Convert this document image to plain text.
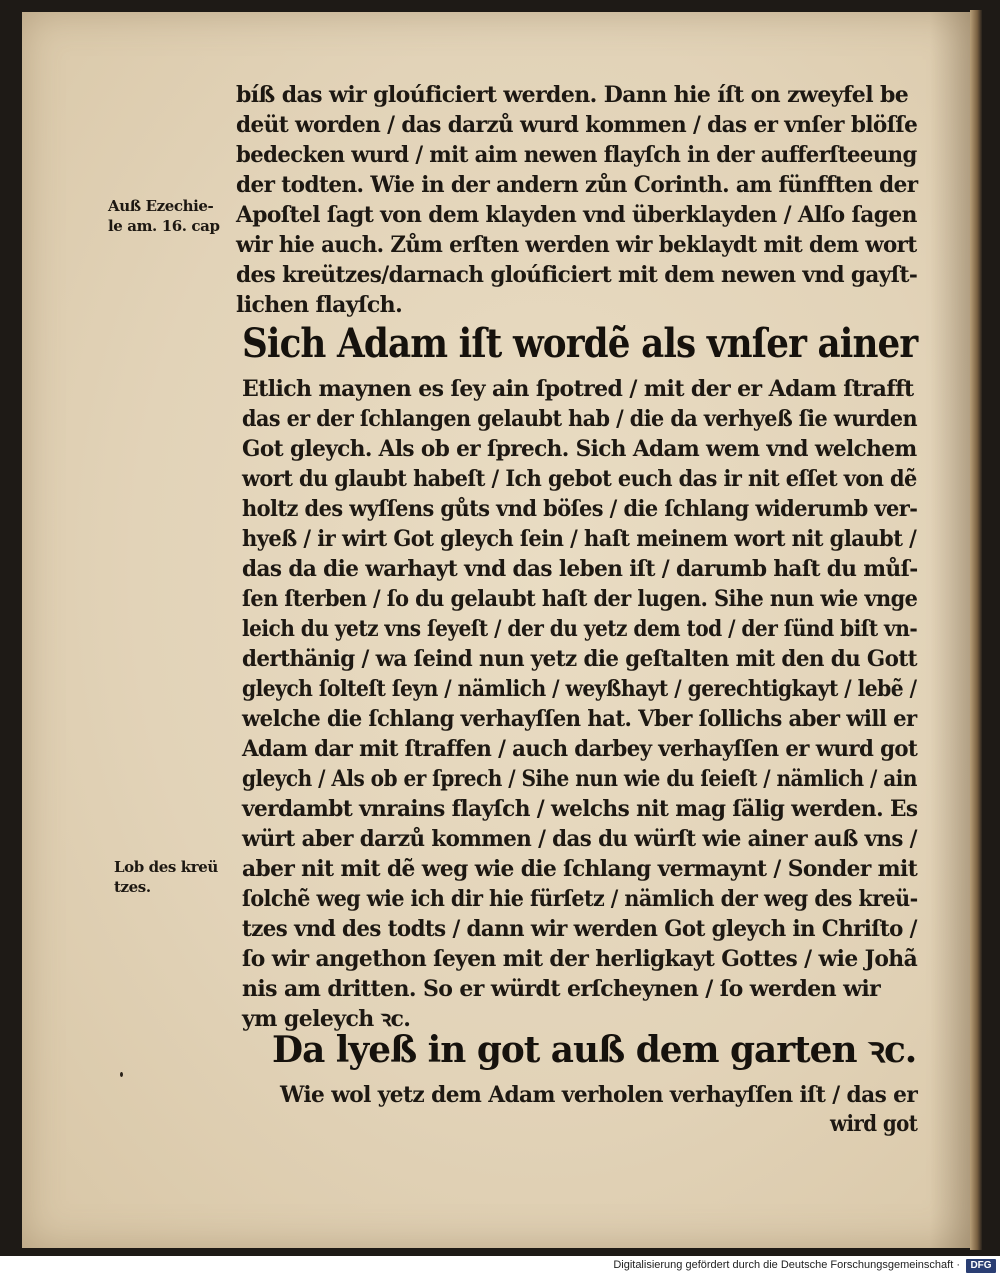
bíß das wir gloúficiert werden. Dann hie íſt on zweyfel be
deüt worden / das darzů wurd kommen / das er vnſer blöſſe
bedecken wurd / mit aim newen flayſch in der aufferſteeung
der todten. Wie in der andern zůn Corinth. am fünfften der
Apoſtel ſagt von dem klayden vnd überklayden / Alſo ſagen
wir hie auch. Zům erſten werden wir beklaydt mit dem wort
des kreützes/darnach gloúficiert mit dem newen vnd gayſt-
lichen flayſch.
Auß Ezechie-
le am. 16. cap
Sich Adam iſt wordẽ als vnſer ainer
Etlich maynen es ſey ain ſpotred / mit der er Adam ſtrafft
das er der ſchlangen gelaubt hab / die da verhyeß ſie wurden
Got gleych. Als ob er ſprech. Sich Adam wem vnd welchem
wort du glaubt habeſt / Ich gebot euch das ir nit eſſet von dẽ
holtz des wyſſens gůts vnd böſes / die ſchlang widerumb ver-
hyeß / ir wirt Got gleych ſein / haſt meinem wort nit glaubt /
das da die warhayt vnd das leben iſt / darumb haſt du můſ-
ſen ſterben / ſo du gelaubt haſt der lugen. Sihe nun wie vnge
leich du yetz vns ſeyeſt / der du yetz dem tod / der ſünd biſt vn-
derthänig / wa ſeind nun yetz die geſtalten mit den du Gott
gleych ſolteſt ſeyn / nämlich / weyßhayt / gerechtigkayt / lebẽ /
welche die ſchlang verhayſſen hat. Vber ſollichs aber will er
Adam dar mit ſtraffen / auch darbey verhayſſen er wurd got
gleych / Als ob er ſprech / Sihe nun wie du ſeieſt / nämlich / ain
verdambt vnrains flayſch / welchs nit mag ſälig werden. Es
würt aber darzů kommen / das du würſt wie ainer auß vns /
aber nit mit dẽ weg wie die ſchlang vermaynt / Sonder mit
ſolchẽ weg wie ich dir hie fürſetz / nämlich der weg des kreü-
tzes vnd des todts / dann wir werden Got gleych in Chriſto /
ſo wir angethon ſeyen mit der herligkayt Gottes / wie Johã
nis am dritten. So er würdt erſcheynen / ſo werden wir
ym geleych ꝛc.
Lob des kreü
tzes.
Da lyeß in got auß dem garten ꝛc.
Wie wol yetz dem Adam verholen verhayſſen iſt / das er
wird got
Digitalisierung gefördert durch die Deutsche Forschungsgemeinschaft ·	DFG
